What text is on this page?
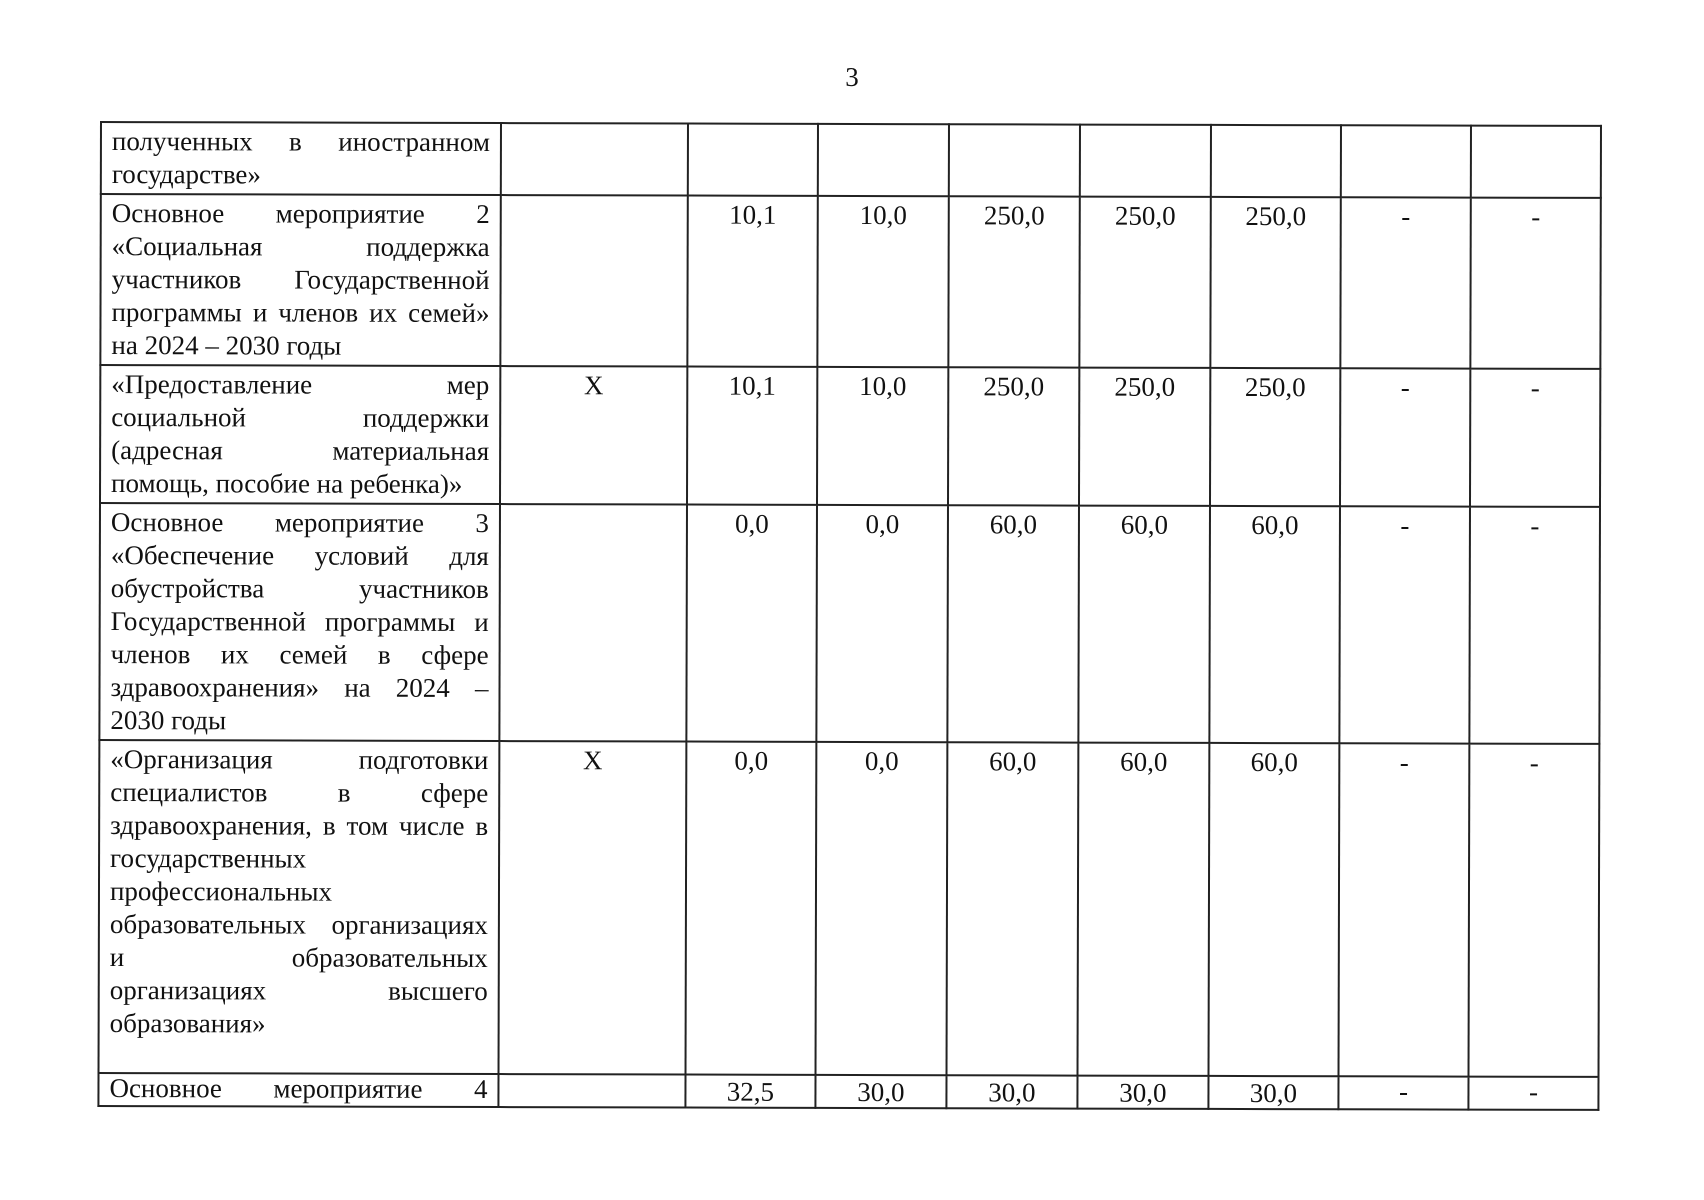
3
полученных в иностранном государстве»								
Основное мероприятие 2 «Социальная поддержка участников Государственной программы и членов их семей» на 2024 – 2030 годы		10,1	10,0	250,0	250,0	250,0	-	-
«Предоставление мер социальной поддержки (адресная материальная помощь, пособие на ребенка)»	Х	10,1	10,0	250,0	250,0	250,0	-	-
Основное мероприятие 3 «Обеспечение условий для обустройства участников Государственной программы и членов их семей в сфере здравоохранения» на 2024 – 2030 годы		0,0	0,0	60,0	60,0	60,0	-	-
«Организация подготовки специалистов в сфере здравоохранения, в том числе в государственных профессиональных образовательных организациях и образовательных организациях высшего образования»	Х	0,0	0,0	60,0	60,0	60,0	-	-
Основное мероприятие 4		32,5	30,0	30,0	30,0	30,0	-	-
